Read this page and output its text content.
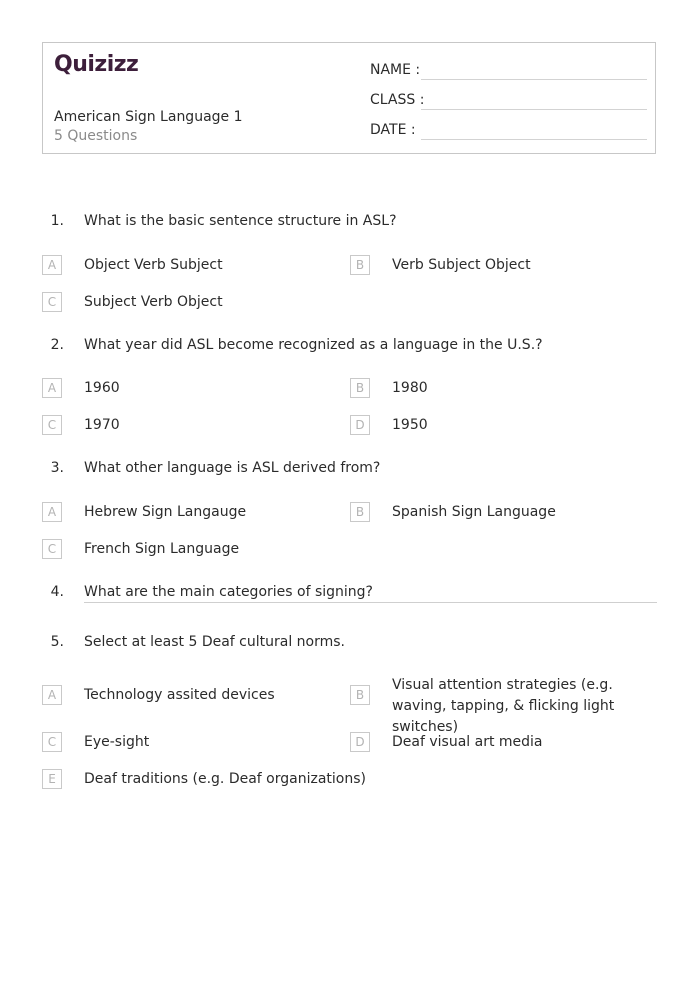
Quizizz
American Sign Language 1
5 Questions
NAME :
CLASS :
DATE :
1. What is the basic sentence structure in ASL?
A	Object Verb Subject	B	Verb Subject Object
C	Subject Verb Object
2. What year did ASL become recognized as a language in the U.S.?
A	1960	B	1980
C	1970	D	1950
3. What other language is ASL derived from?
A	Hebrew Sign Langauge	B	Spanish Sign Language
C	French Sign Language
4. What are the main categories of signing?
5. Select at least 5 Deaf cultural norms.
A	Technology assited devices	B
Visual attention strategies (e.g. waving, tapping, & flicking light switches)
C	Eye-sight	D	Deaf visual art media
E	Deaf traditions (e.g. Deaf organizations)
